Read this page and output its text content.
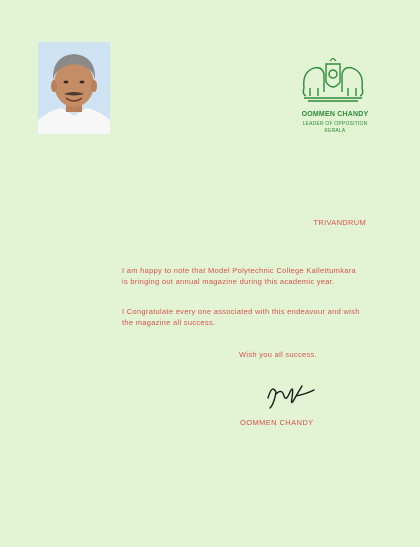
OOMMEN CHANDY
LEADER OF OPPOSITION
KERALA
TRIVANDRUM
I am happy to note that Model Polytechnic College Kallettumkara is bringing out annual magazine during this academic year.
I Congratulate every one associated with this endeavour and wish the magazine all success.
Wish you all success.
OOMMEN CHANDY
